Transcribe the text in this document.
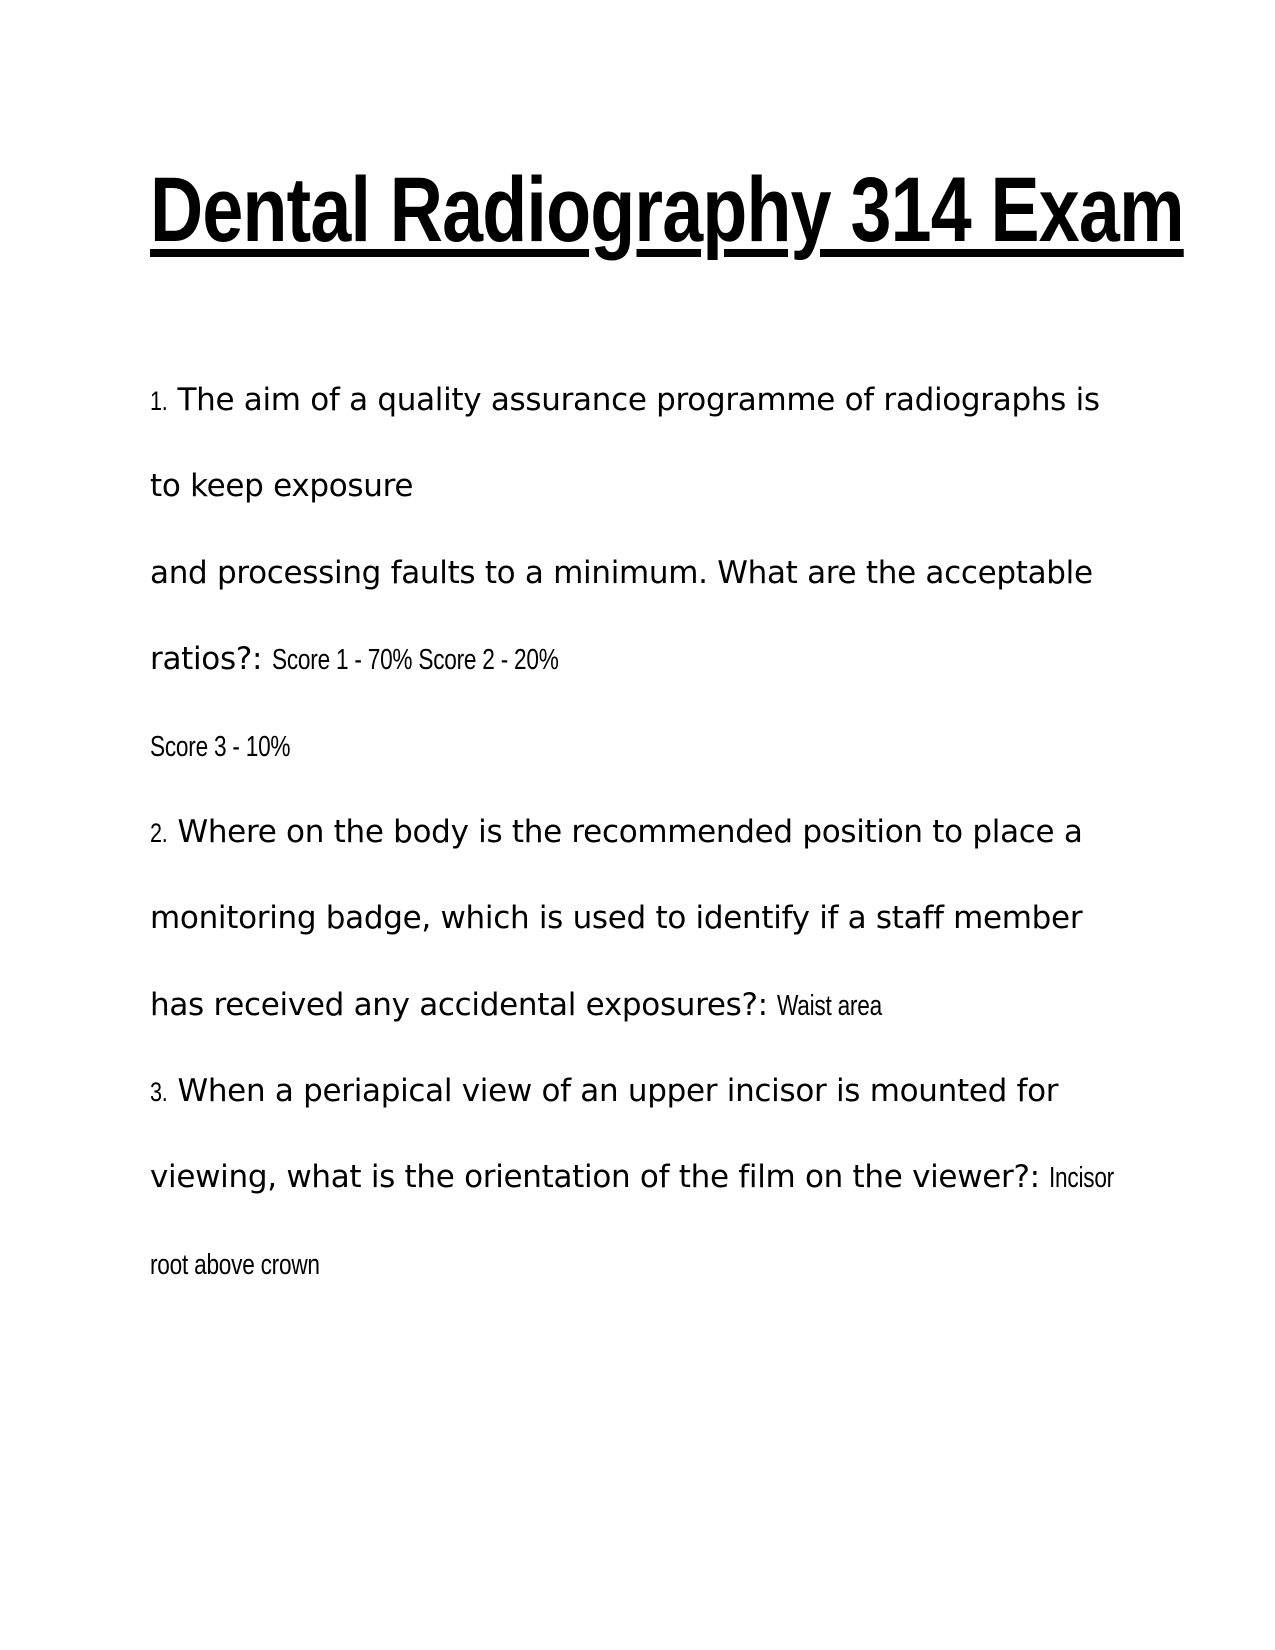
Dental Radiography 314 Exam

1. The aim of a quality assurance programme of radiographs is

to keep exposure

and processing faults to a minimum. What are the acceptable

ratios?: Score 1 - 70% Score 2 - 20%

Score 3 - 10%

2. Where on the body is the recommended position to place a

monitoring badge, which is used to identify if a staff member

has received any accidental exposures?: Waist area

3. When a periapical view of an upper incisor is mounted for

viewing, what is the orientation of the film on the viewer?: Incisor

root above crown
